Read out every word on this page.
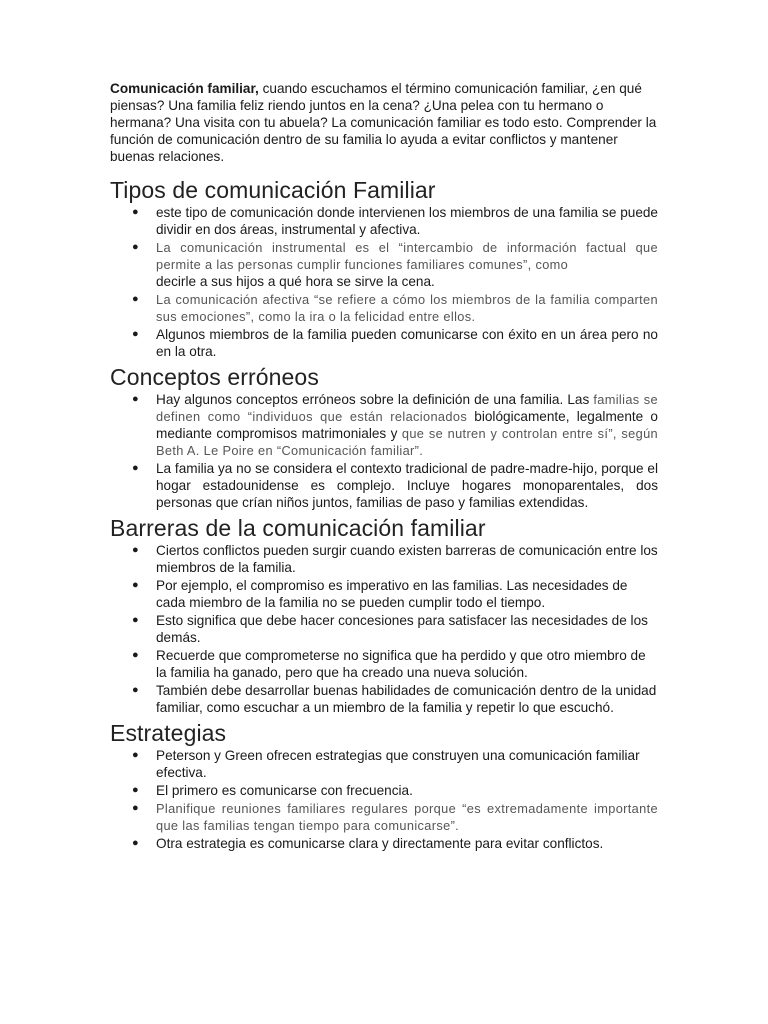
Comunicación familiar, cuando escuchamos el término comunicación familiar, ¿en qué piensas? Una familia feliz riendo juntos en la cena? ¿Una pelea con tu hermano o hermana? Una visita con tu abuela? La comunicación familiar es todo esto. Comprender la función de comunicación dentro de su familia lo ayuda a evitar conflictos y mantener buenas relaciones.

Tipos de comunicación Familiar
● este tipo de comunicación donde intervienen los miembros de una familia se puede dividir en dos áreas, instrumental y afectiva.
● La comunicación instrumental es el “intercambio de información factual que permite a las personas cumplir funciones familiares comunes”, como
decirle a sus hijos a qué hora se sirve la cena.
● La comunicación afectiva “se refiere a cómo los miembros de la familia comparten sus emociones”, como la ira o la felicidad entre ellos.
● Algunos miembros de la familia pueden comunicarse con éxito en un área pero no en la otra.
Conceptos erróneos
● Hay algunos conceptos erróneos sobre la definición de una familia. Las familias se definen como “individuos que están relacionados biológicamente, legalmente o mediante compromisos matrimoniales y que se nutren y controlan entre sí”, según Beth A. Le Poire en “Comunicación familiar”.
● La familia ya no se considera el contexto tradicional de padre-madre-hijo, porque el hogar estadounidense es complejo. Incluye hogares monoparentales, dos personas que crían niños juntos, familias de paso y familias extendidas.
Barreras de la comunicación familiar
● Ciertos conflictos pueden surgir cuando existen barreras de comunicación entre los miembros de la familia.
● Por ejemplo, el compromiso es imperativo en las familias. Las necesidades de cada miembro de la familia no se pueden cumplir todo el tiempo.
● Esto significa que debe hacer concesiones para satisfacer las necesidades de los demás.
● Recuerde que comprometerse no significa que ha perdido y que otro miembro de la familia ha ganado, pero que ha creado una nueva solución.
● También debe desarrollar buenas habilidades de comunicación dentro de la unidad familiar, como escuchar a un miembro de la familia y repetir lo que escuchó.
Estrategias
● Peterson y Green ofrecen estrategias que construyen una comunicación familiar efectiva.
● El primero es comunicarse con frecuencia.
● Planifique reuniones familiares regulares porque “es extremadamente importante que las familias tengan tiempo para comunicarse”.
● Otra estrategia es comunicarse clara y directamente para evitar conflictos.
